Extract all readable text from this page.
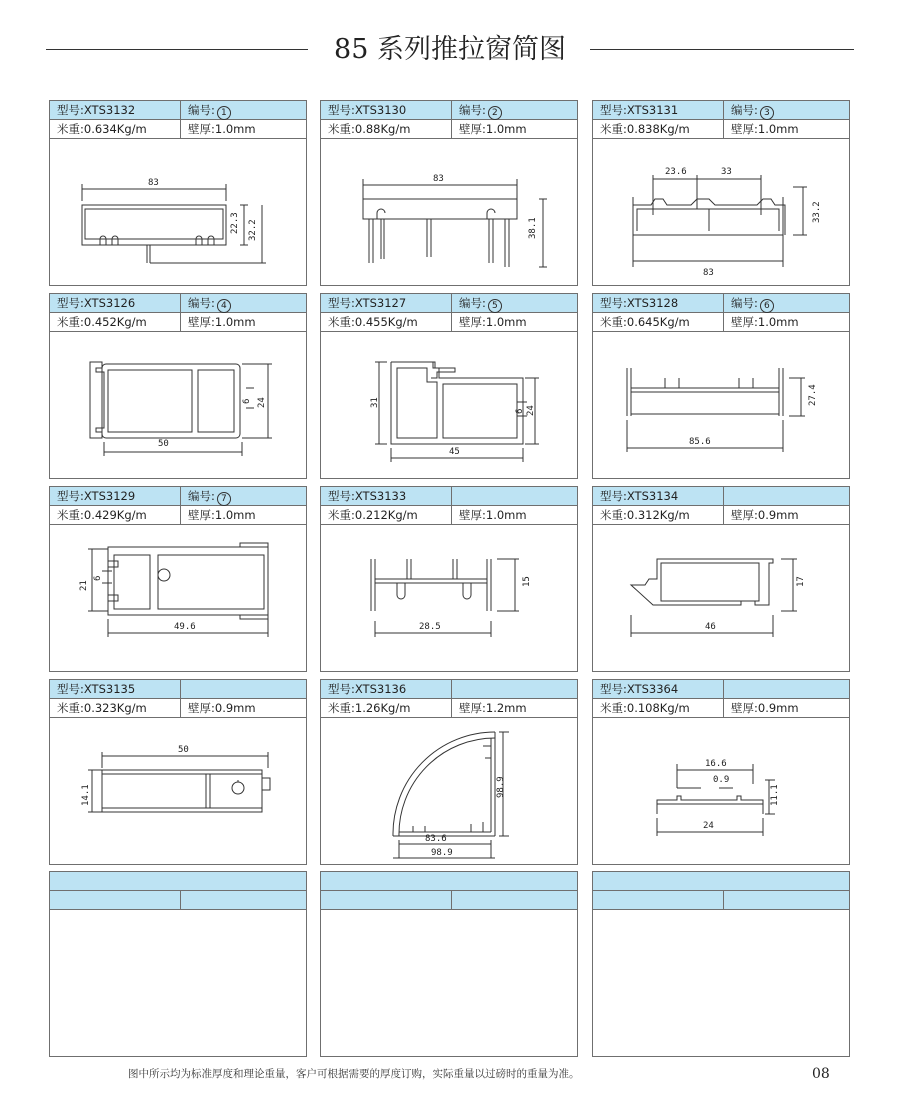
85 系列推拉窗简图
型号:XTS3132	编号: 1
米重:0.634Kg/m	壁厚:1.0mm
83
22.3 32.2
型号:XTS3130	编号: 2
米重:0.88Kg/m	壁厚:1.0mm
83
38.1
型号:XTS3131	编号: 3
米重:0.838Kg/m	壁厚:1.0mm
23.6	33
83
33.2
型号:XTS3126	编号: 4
米重:0.452Kg/m	壁厚:1.0mm
50
6 24
型号:XTS3127	编号: 5
米重:0.455Kg/m	壁厚:1.0mm
31
6 24
45
型号:XTS3128	编号: 6
米重:0.645Kg/m	壁厚:1.0mm
85.6
27.4
型号:XTS3129	编号: 7
米重:0.429Kg/m	壁厚:1.0mm
21
6
49.6
型号:XTS3133
米重:0.212Kg/m	壁厚:1.0mm
15
28.5
型号:XTS3134
米重:0.312Kg/m	壁厚:0.9mm
17
46
型号:XTS3135
米重:0.323Kg/m	壁厚:0.9mm
50
14.1
型号:XTS3136
米重:1.26Kg/m	壁厚:1.2mm
98.9
83.6
98.9
型号:XTS3364
米重:0.108Kg/m	壁厚:0.9mm
16.6
0.9
11.1
24
图中所示均为标准厚度和理论重量，客户可根据需要的厚度订购，实际重量以过磅时的重量为准。	08
